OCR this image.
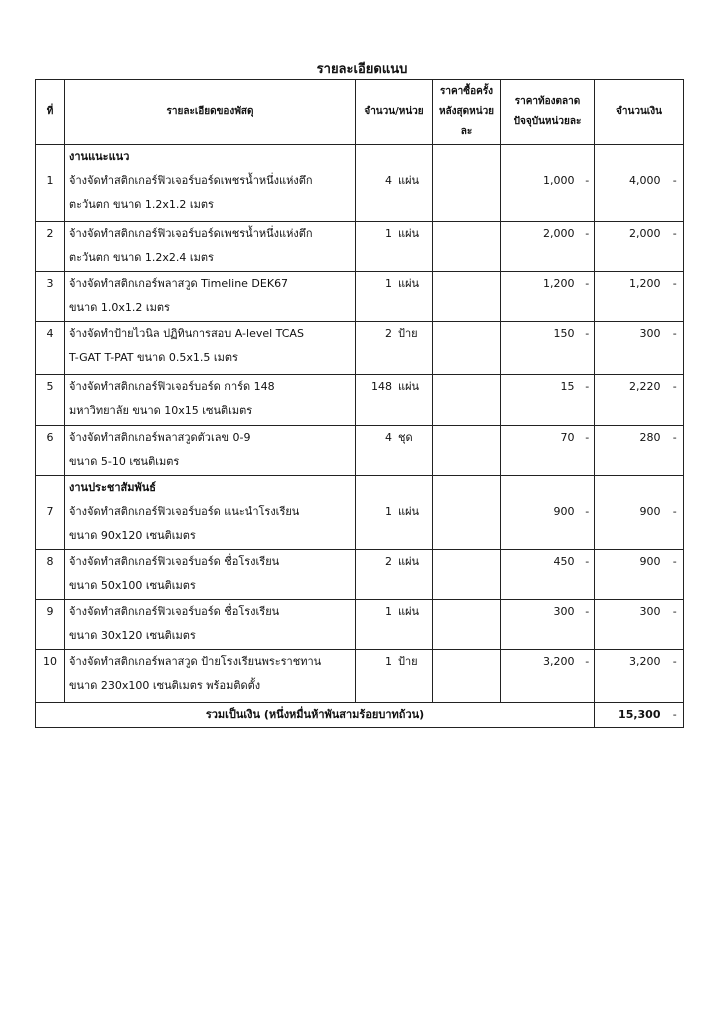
รายละเอียดแนบ
ที่	รายละเอียดของพัสดุ	จำนวน/หน่วย	ราคาซื้อครั้ง
หลังสุดหน่วยละ	ราคาท้องตลาด
ปัจจุบันหน่วยละ		จำนวนเงิน	
1	งานแนะแนว
จ้างจัดทำสติกเกอร์ฟิวเจอร์บอร์ดเพชรน้ำหนึ่งแห่งตึก
ตะวันตก ขนาด 1.2x1.2 เมตร	4 แผ่น		1,000	-	4,000	-
2	จ้างจัดทำสติกเกอร์ฟิวเจอร์บอร์ดเพชรน้ำหนึ่งแห่งตึก
ตะวันตก ขนาด 1.2x2.4 เมตร	1 แผ่น		2,000	-	2,000	-
3	จ้างจัดทำสติกเกอร์พลาสวูด Timeline DEK67
ขนาด 1.0x1.2 เมตร	1 แผ่น		1,200	-	1,200	-
4	จ้างจัดทำป้ายไวนิล ปฏิทินการสอบ A-level TCAS
T-GAT T-PAT ขนาด 0.5x1.5 เมตร	2 ป้าย		150	-	300	-
5	จ้างจัดทำสติกเกอร์ฟิวเจอร์บอร์ด การ์ด 148
มหาวิทยาลัย ขนาด 10x15 เซนติเมตร	148 แผ่น		15	-	2,220	-
6	จ้างจัดทำสติกเกอร์พลาสวูดตัวเลข 0-9
ขนาด 5-10 เซนติเมตร	4 ชุด		70	-	280	-
7	งานประชาสัมพันธ์
จ้างจัดทำสติกเกอร์ฟิวเจอร์บอร์ด แนะนำโรงเรียน
ขนาด 90x120 เซนติเมตร	1 แผ่น		900	-	900	-
8	จ้างจัดทำสติกเกอร์ฟิวเจอร์บอร์ด ชื่อโรงเรียน
ขนาด 50x100 เซนติเมตร	2 แผ่น		450	-	900	-
9	จ้างจัดทำสติกเกอร์ฟิวเจอร์บอร์ด ชื่อโรงเรียน
ขนาด 30x120 เซนติเมตร	1 แผ่น		300	-	300	-
10	จ้างจัดทำสติกเกอร์พลาสวูด ป้ายโรงเรียนพระราชทาน
ขนาด 230x100 เซนติเมตร พร้อมติดตั้ง	1 ป้าย		3,200	-	3,200	-
รวมเป็นเงิน (หนึ่งหมื่นห้าพันสามร้อยบาทถ้วน)						15,300	-
